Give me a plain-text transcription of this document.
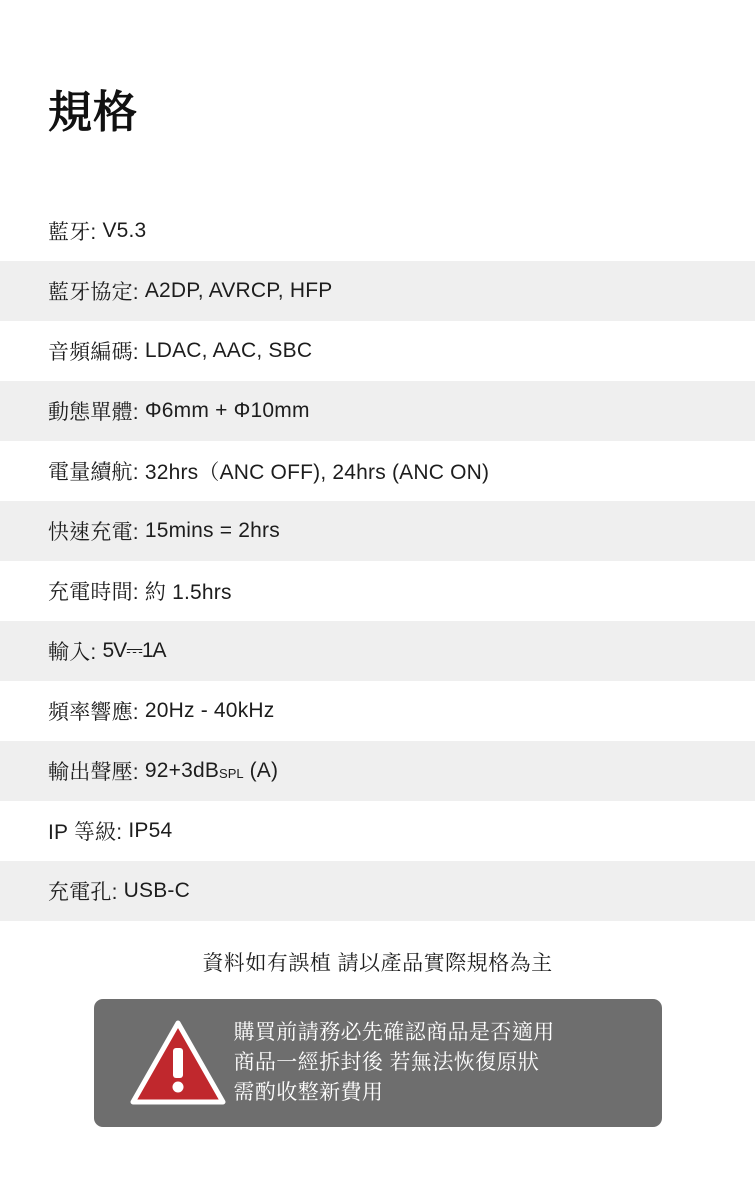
規格
藍牙: V5.3
藍牙協定: A2DP, AVRCP, HFP
音頻編碼: LDAC, AAC, SBC
動態單體: Φ6mm + Φ10mm
電量續航: 32hrs（ANC OFF), 24hrs (ANC ON)
快速充電: 15mins = 2hrs
充電時間: 約 1.5hrs
輸入: 5V⎓1A
頻率響應: 20Hz - 40kHz
輸出聲壓: 92+3dB SPL (A)
IP 等級: IP54
充電孔: USB-C
資料如有誤植 請以產品實際規格為主
購買前請務必先確認商品是否適用
商品一經拆封後 若無法恢復原狀
需酌收整新費用
